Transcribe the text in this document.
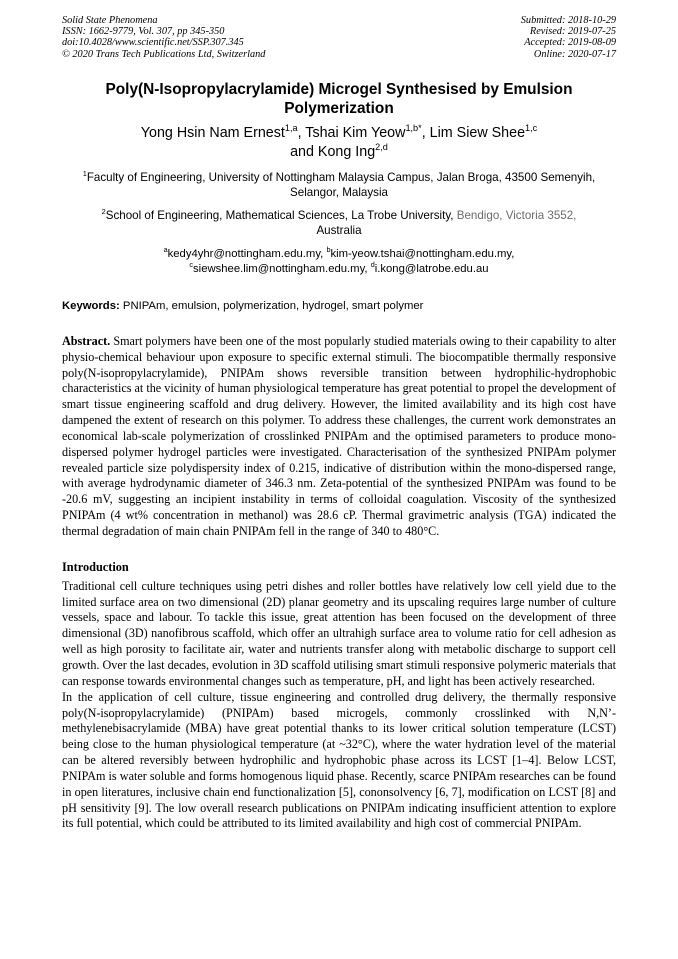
Solid State Phenomena
ISSN: 1662-9779, Vol. 307, pp 345-350
doi:10.4028/www.scientific.net/SSP.307.345
© 2020 Trans Tech Publications Ltd, Switzerland
Submitted: 2018-10-29
Revised: 2019-07-25
Accepted: 2019-08-09
Online: 2020-07-17
Poly(N-Isopropylacrylamide) Microgel Synthesised by Emulsion Polymerization
Yong Hsin Nam Ernest$^{1,a}$, Tshai Kim Yeow$^{1,b*}$, Lim Siew Shee$^{1,c}$
and Kong Ing$^{2,d}$
$^1$Faculty of Engineering, University of Nottingham Malaysia Campus, Jalan Broga, 43500 Semenyih, Selangor, Malaysia
$^2$School of Engineering, Mathematical Sciences, La Trobe University, Bendigo, Victoria 3552,
Australia
$^a$kedy4yhr@nottingham.edu.my, $^b$kim-yeow.tshai@nottingham.edu.my,
$^c$siewshee.lim@nottingham.edu.my, $^d$i.kong@latrobe.edu.au
Keywords: PNIPAm, emulsion, polymerization, hydrogel, smart polymer
Abstract. Smart polymers have been one of the most popularly studied materials owing to their capability to alter physio-chemical behaviour upon exposure to specific external stimuli. The biocompatible thermally responsive poly(N-isopropylacrylamide), PNIPAm shows reversible transition between hydrophilic-hydrophobic characteristics at the vicinity of human physiological temperature has great potential to propel the development of smart tissue engineering scaffold and drug delivery. However, the limited availability and its high cost have dampened the extent of research on this polymer. To address these challenges, the current work demonstrates an economical lab-scale polymerization of crosslinked PNIPAm and the optimised parameters to produce mono-dispersed polymer hydrogel particles were investigated. Characterisation of the synthesized PNIPAm polymer revealed particle size polydispersity index of 0.215, indicative of distribution within the mono-dispersed range, with average hydrodynamic diameter of 346.3 nm. Zeta-potential of the synthesized PNIPAm was found to be -20.6 mV, suggesting an incipient instability in terms of colloidal coagulation. Viscosity of the synthesized PNIPAm (4 wt% concentration in methanol) was 28.6 cP. Thermal gravimetric analysis (TGA) indicated the thermal degradation of main chain PNIPAm fell in the range of 340 to 480°C.
Introduction
Traditional cell culture techniques using petri dishes and roller bottles have relatively low cell yield due to the limited surface area on two dimensional (2D) planar geometry and its upscaling requires large number of culture vessels, space and labour. To tackle this issue, great attention has been focused on the development of three dimensional (3D) nanofibrous scaffold, which offer an ultrahigh surface area to volume ratio for cell adhesion as well as high porosity to facilitate air, water and nutrients transfer along with metabolic discharge to support cell growth. Over the last decades, evolution in 3D scaffold utilising smart stimuli responsive polymeric materials that can response towards environmental changes such as temperature, pH, and light has been actively researched.
In the application of cell culture, tissue engineering and controlled drug delivery, the thermally responsive poly(N-isopropylacrylamide) (PNIPAm) based microgels, commonly crosslinked with N,N’-methylenebisacrylamide (MBA) have great potential thanks to its lower critical solution temperature (LCST) being close to the human physiological temperature (at ~32°C), where the water hydration level of the material can be altered reversibly between hydrophilic and hydrophobic phase across its LCST [1–4]. Below LCST, PNIPAm is water soluble and forms homogenous liquid phase. Recently, scarce PNIPAm researches can be found in open literatures, inclusive chain end functionalization [5], cononsolvency [6, 7], modification on LCST [8] and pH sensitivity [9]. The low overall research publications on PNIPAm indicating insufficient attention to explore its full potential, which could be attributed to its limited availability and high cost of commercial PNIPAm.
